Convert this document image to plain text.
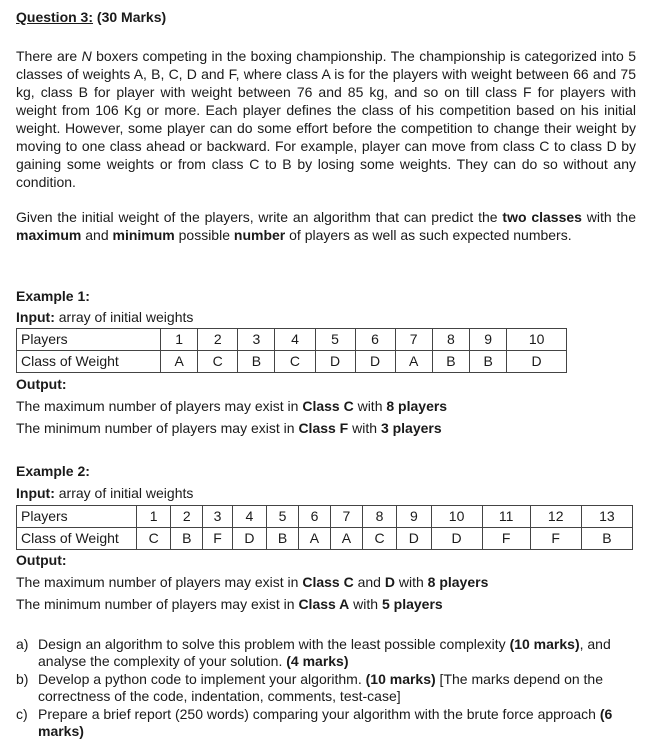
Question 3: (30 Marks)

There are N boxers competing in the boxing championship. The championship is categorized into 5 classes of weights A, B, C, D and F, where class A is for the players with weight between 66 and 75 kg, class B for player with weight between 76 and 85 kg, and so on till class F for players with weight from 106 Kg or more. Each player defines the class of his competition based on his initial weight. However, some player can do some effort before the competition to change their weight by moving to one class ahead or backward. For example, player can move from class C to class D by gaining some weights or from class C to B by losing some weights. They can do so without any condition.

Given the initial weight of the players, write an algorithm that can predict the two classes with the maximum and minimum possible number of players as well as such expected numbers.

Example 1:
Input: array of initial weights
Players	1	2	3	4	5	6	7	8	9	10
Class of Weight	A	C	B	C	D	D	A	B	B	D
Output:
The maximum number of players may exist in Class C with 8 players
The minimum number of players may exist in Class F with 3 players
Example 2:
Input: array of initial weights
Players	1	2	3	4	5	6	7	8	9	10	11	12	13
Class of Weight	C	B	F	D	B	A	A	C	D	D	F	F	B
Output:
The maximum number of players may exist in Class C and D with 8 players
The minimum number of players may exist in Class A with 5 players
a) Design an algorithm to solve this problem with the least possible complexity (10 marks), and analyse the complexity of your solution. (4 marks)
b) Develop a python code to implement your algorithm. (10 marks) [The marks depend on the correctness of the code, indentation, comments, test-case]
c) Prepare a brief report (250 words) comparing your algorithm with the brute force approach (6 marks)
